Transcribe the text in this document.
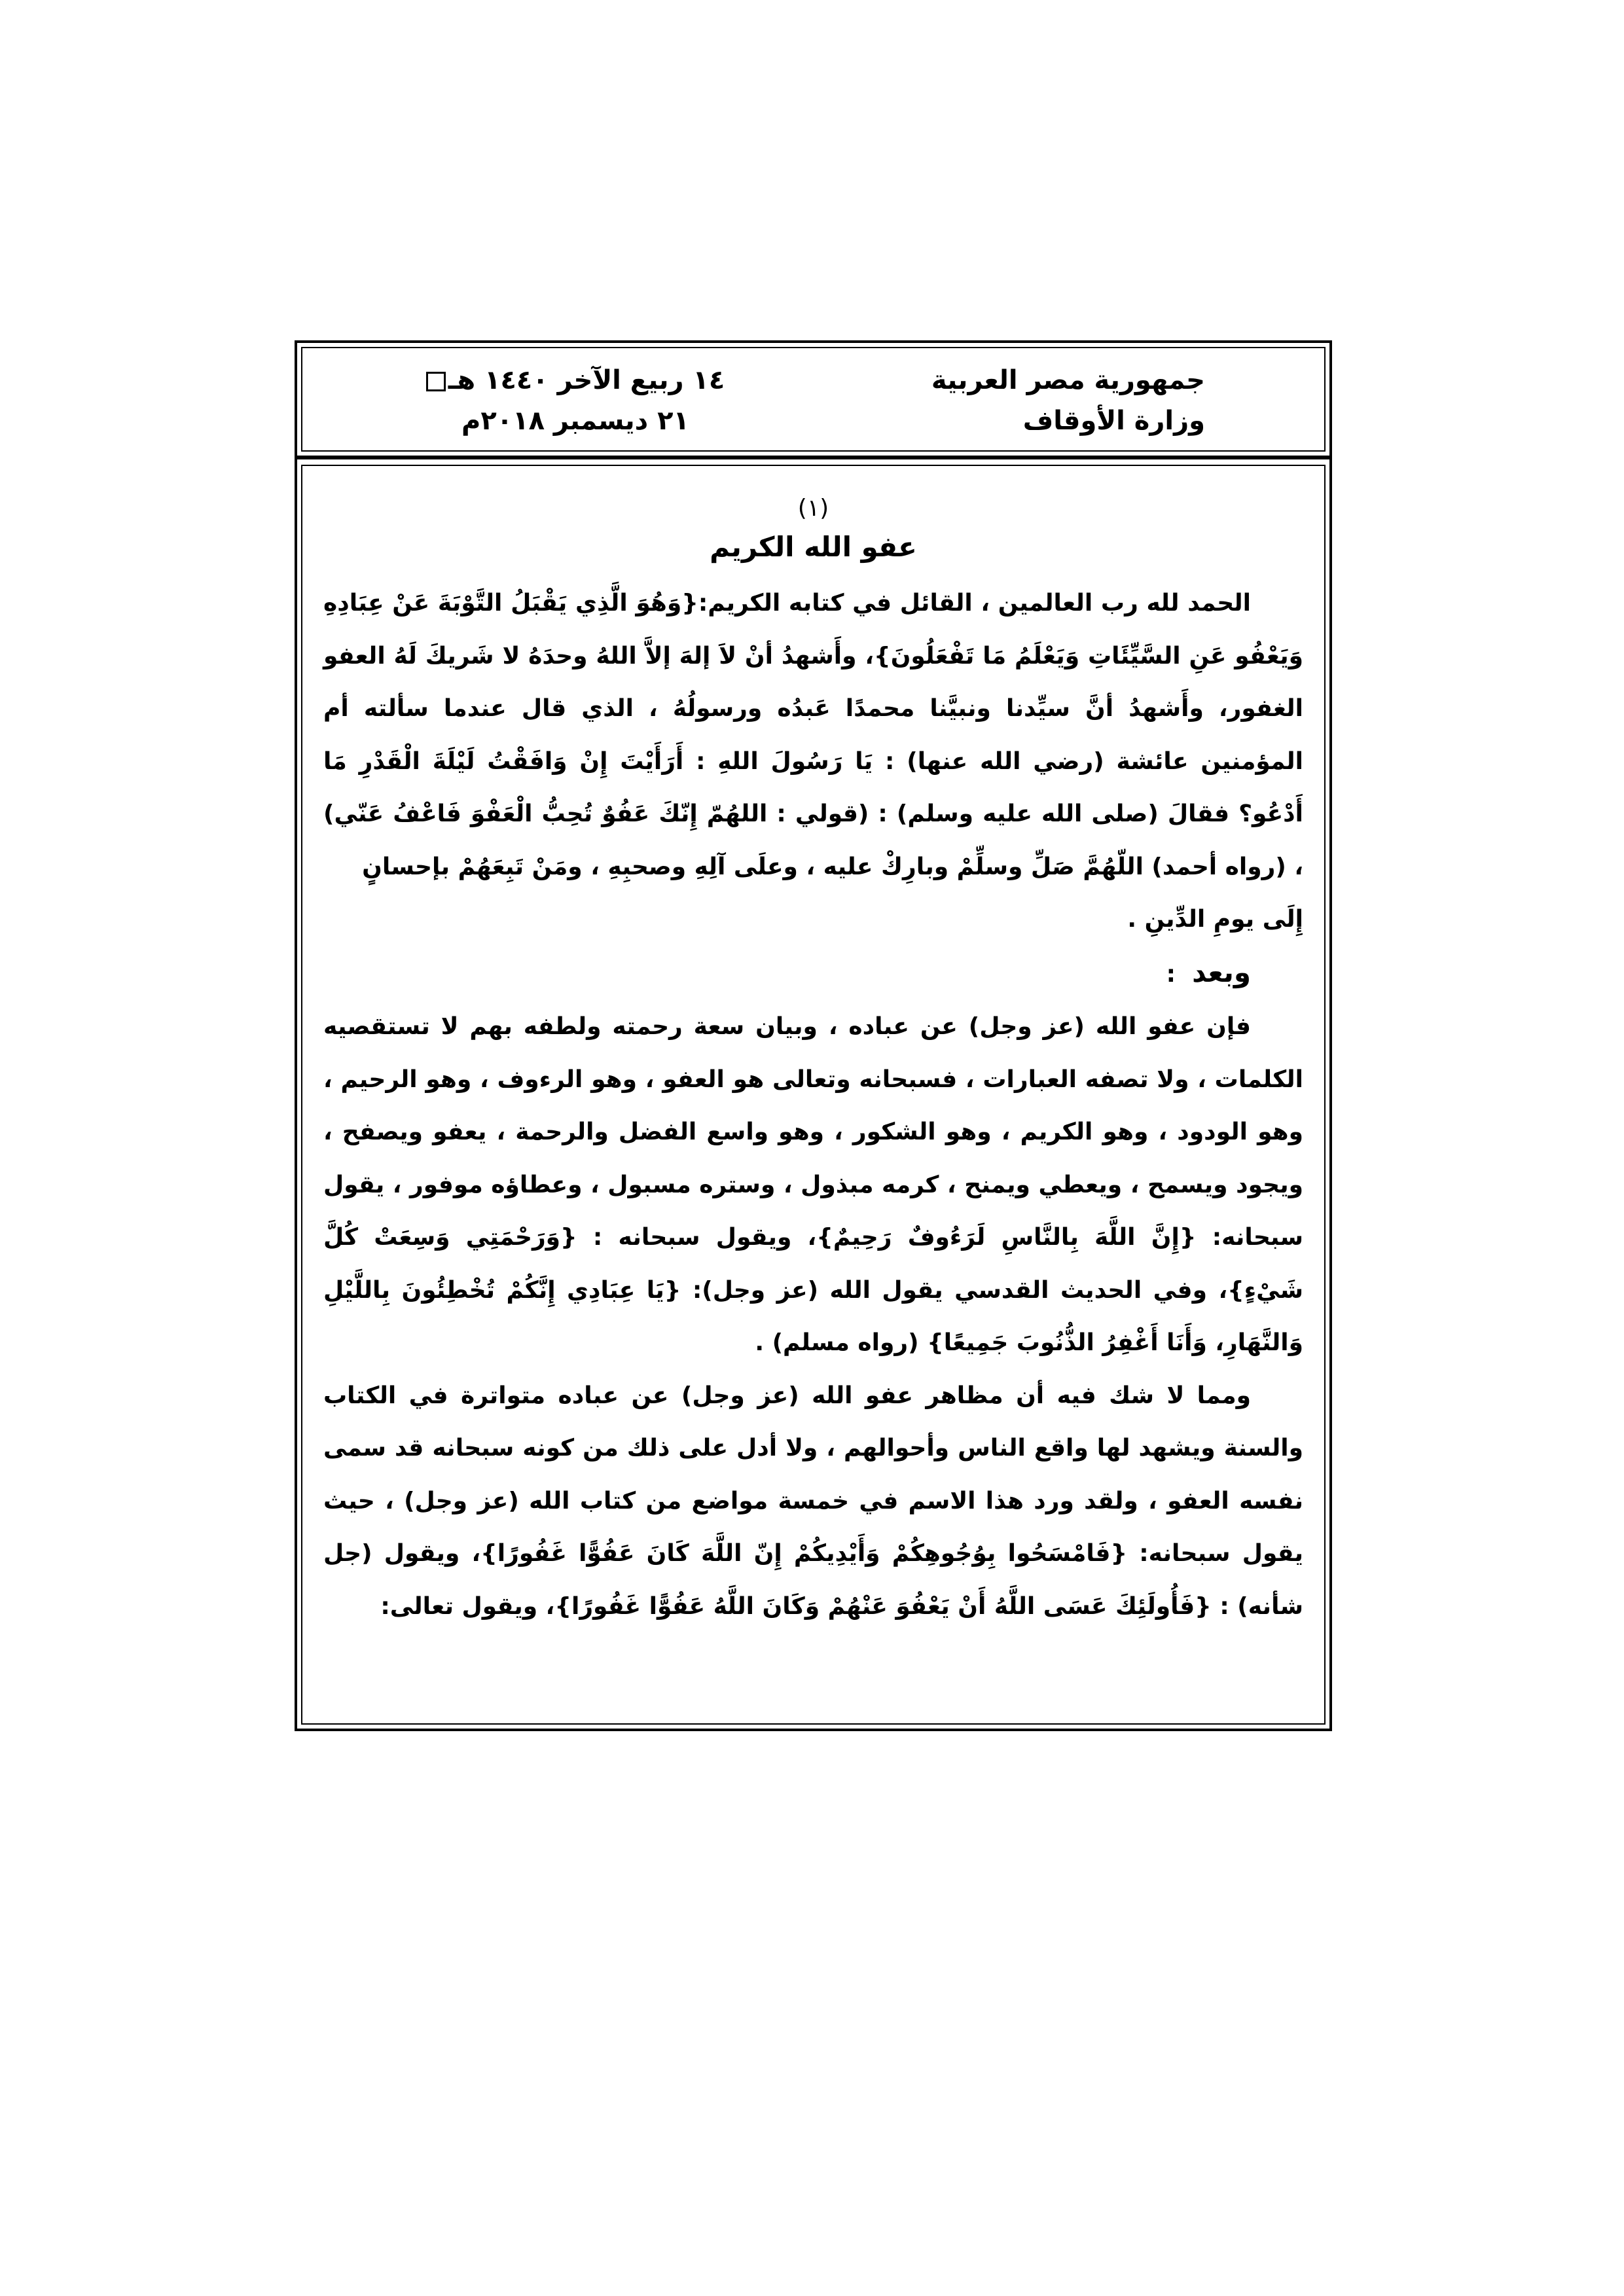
جمهورية مصر العربية
وزارة الأوقاف
١٤ ربيع الآخر ١٤٤٠ هـ
٢١ ديسمبر ٢٠١٨م

(١)

عفو الله الكريم

الحمد لله رب العالمين ، القائل في كتابه الكريم:{وَهُوَ الَّذِي يَقْبَلُ التَّوْبَةَ عَنْ عِبَادِهِ وَيَعْفُو عَنِ السَّيِّئَاتِ وَيَعْلَمُ مَا تَفْعَلُونَ}، وأَشهدُ أنْ لاَ إلهَ إلاَّ اللهُ وحدَهُ لا شَريكَ لَهُ العفو الغفور، وأَشهدُ أنَّ سيِّدنا ونبيَّنا محمدًا عَبدُه ورسولُهُ ، الذي قال عندما سألته أم المؤمنين عائشة (رضي الله عنها) : يَا رَسُولَ اللهِ : أَرَأَيْتَ إِنْ وَافَقْتُ لَيْلَةَ الْقَدْرِ مَا أَدْعُو؟ فقالَ (صلى الله عليه وسلم) : (قولي : اللهُمّ إِنّكَ عَفُوٌ تُحِبُّ الْعَفْوَ فَاعْفُ عَنّي) ، (رواه أحمد) اللّهُمَّ صَلِّ وسلِّمْ وبارِكْ عليه ، وعلَى آلِهِ وصحبِهِ ، ومَنْ تَبِعَهُمْ بإحسانٍ

إِلَى يومِ الدِّينِ .

وبعد  :

فإن عفو الله (عز وجل) عن عباده ، وبيان سعة رحمته ولطفه بهم لا تستقصيه الكلمات ، ولا تصفه العبارات ، فسبحانه وتعالى هو العفو ، وهو الرءوف ، وهو الرحيم ، وهو الودود ، وهو الكريم ، وهو الشكور ، وهو واسع الفضل والرحمة ، يعفو ويصفح ، ويجود ويسمح ، ويعطي ويمنح ، كرمه مبذول ، وستره مسبول ، وعطاؤه موفور ، يقول سبحانه: {إِنَّ اللَّهَ بِالنَّاسِ لَرَءُوفٌ رَحِيمٌ}، ويقول سبحانه : {وَرَحْمَتِي وَسِعَتْ كُلَّ شَيْءٍ}، وفي الحديث القدسي يقول الله (عز وجل): {يَا عِبَادِي إِنَّكُمْ تُخْطِئُونَ بِاللَّيْلِ وَالنَّهَارِ، وَأَنَا أَغْفِرُ الذُّنُوبَ جَمِيعًا} (رواه مسلم) .

ومما لا شك فيه أن مظاهر عفو الله (عز وجل) عن عباده متواترة في الكتاب والسنة ويشهد لها واقع الناس وأحوالهم ، ولا أدل على ذلك من كونه سبحانه قد سمى نفسه العفو ، ولقد ورد هذا الاسم في خمسة مواضع من كتاب الله (عز وجل) ، حيث يقول سبحانه: {فَامْسَحُوا بِوُجُوهِكُمْ وَأَيْدِيكُمْ إِنّ اللَّهَ كَانَ عَفُوًّا غَفُورًا}، ويقول (جل شأنه) : {فَأُولَئِكَ عَسَى اللَّهُ أَنْ يَعْفُوَ عَنْهُمْ وَكَانَ اللَّهُ عَفُوًّا غَفُورًا}، ويقول تعالى:
